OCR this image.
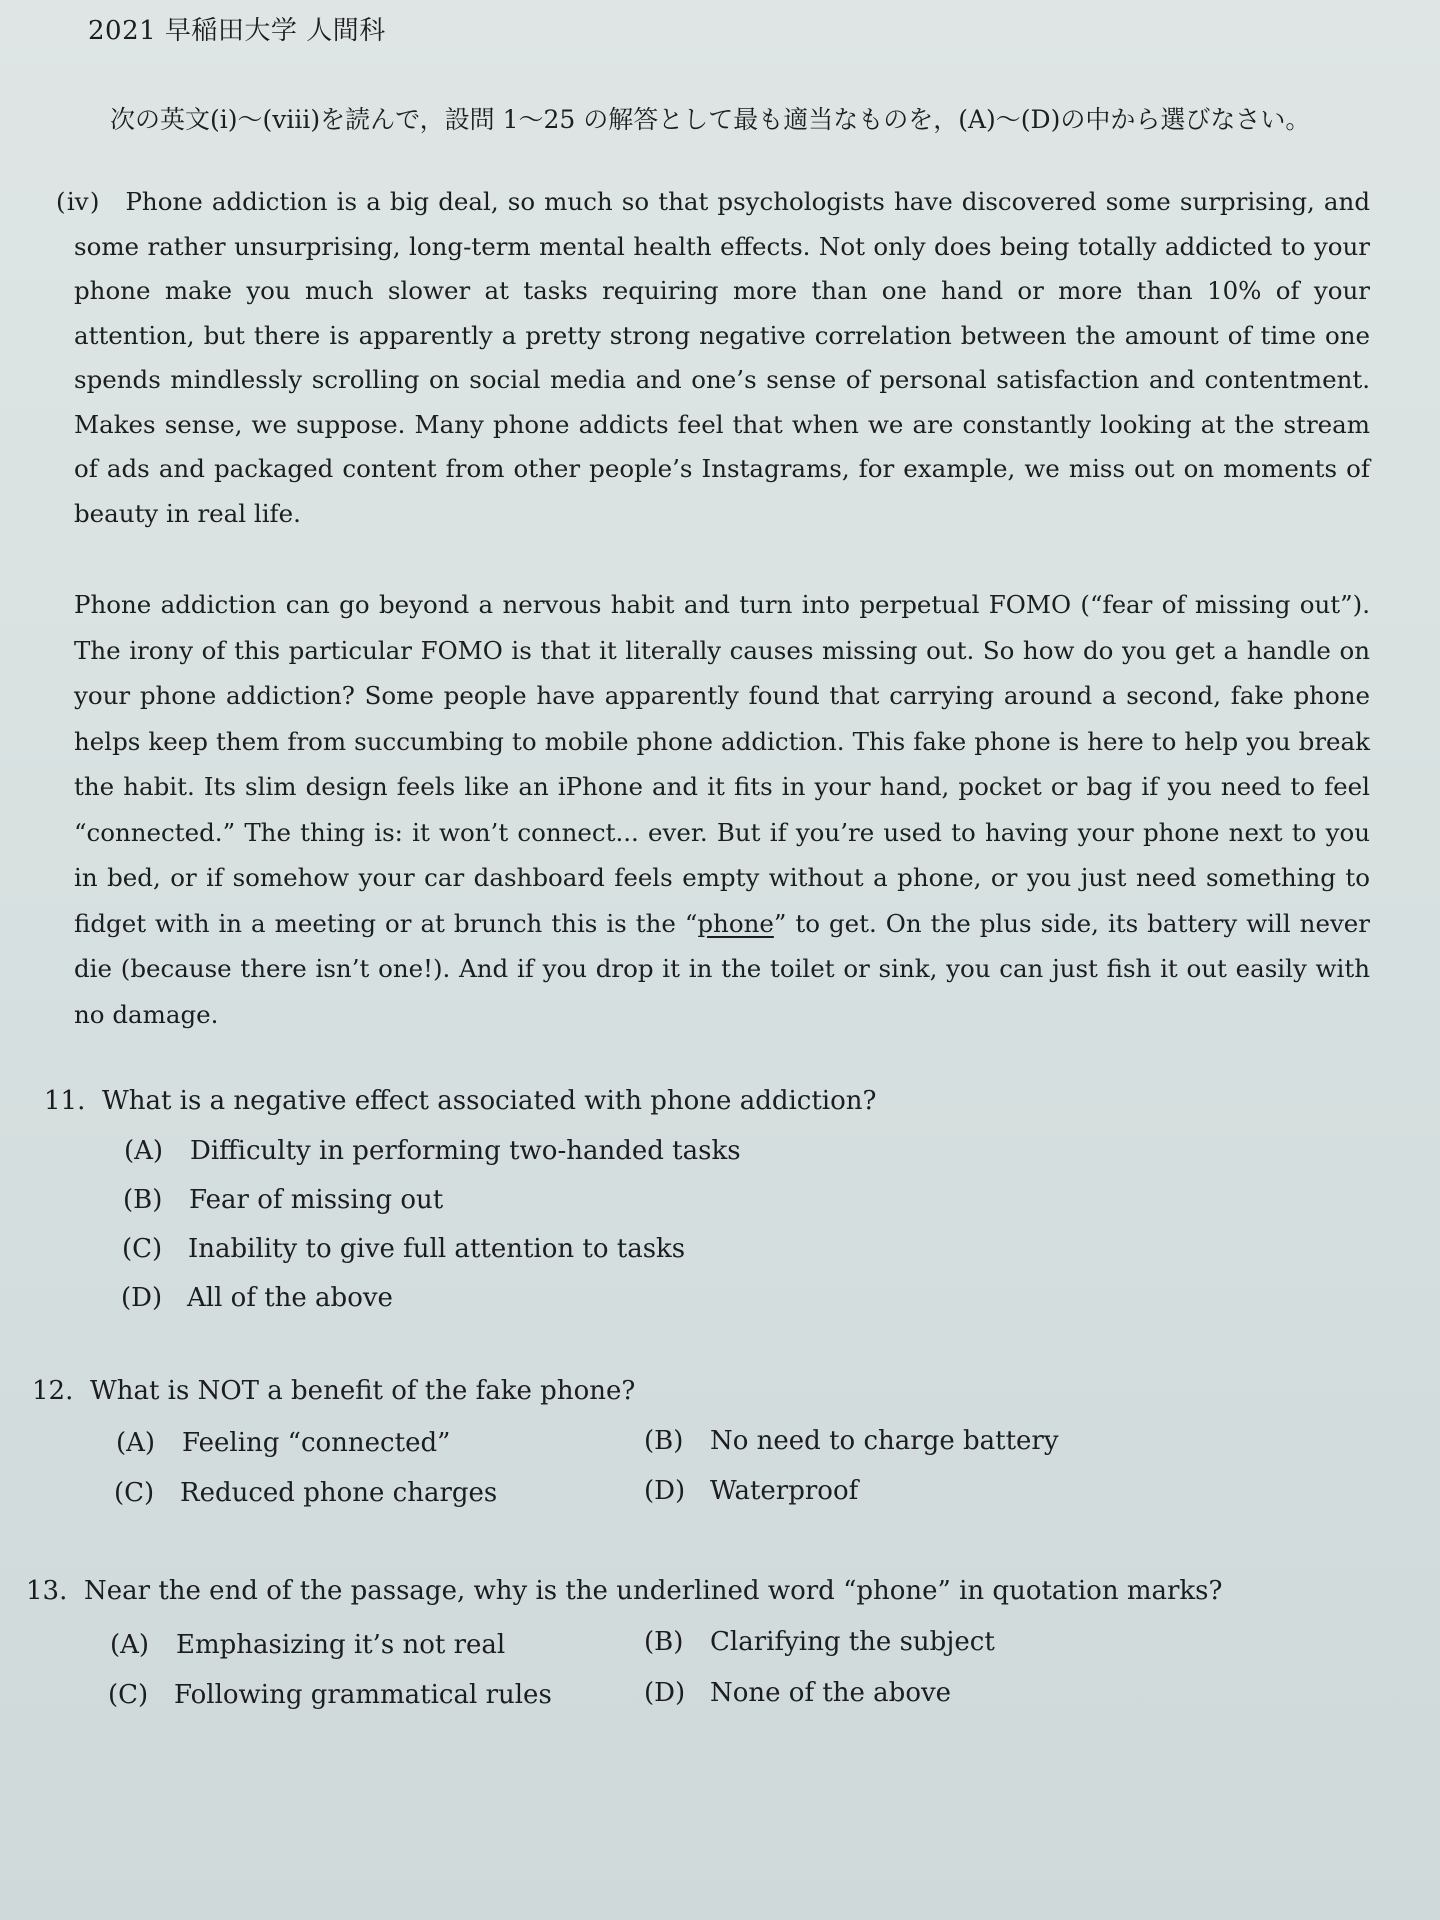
2021 早稲田大学 人間科
次の英文(ⅰ)〜(ⅷ)を読んで，設問 1〜25 の解答として最も適当なものを，(A)〜(D)の中から選びなさい。
(ⅳ) Phone addiction is a big deal, so much so that psychologists have discovered some surprising, and some rather unsurprising, long-term mental health effects. Not only does being totally addicted to your phone make you much slower at tasks requiring more than one hand or more than 10% of your attention, but there is apparently a pretty strong negative correlation between the amount of time one spends mindlessly scrolling on social media and one’s sense of personal satisfaction and contentment. Makes sense, we suppose. Many phone addicts feel that when we are constantly looking at the stream of ads and packaged content from other people’s Instagrams, for example, we miss out on moments of beauty in real life.
Phone addiction can go beyond a nervous habit and turn into perpetual FOMO (“fear of missing out”). The irony of this particular FOMO is that it literally causes missing out. So how do you get a handle on your phone addiction? Some people have apparently found that carrying around a second, fake phone helps keep them from succumbing to mobile phone addiction. This fake phone is here to help you break the habit. Its slim design feels like an iPhone and it fits in your hand, pocket or bag if you need to feel “connected.” The thing is: it won’t connect... ever. But if you’re used to having your phone next to you in bed, or if somehow your car dashboard feels empty without a phone, or you just need something to fidget with in a meeting or at brunch this is the “phone” to get. On the plus side, its battery will never die (because there isn’t one!). And if you drop it in the toilet or sink, you can just fish it out easily with no damage.
11. What is a negative effect associated with phone addiction?
(A) Difficulty in performing two-handed tasks
(B) Fear of missing out
(C) Inability to give full attention to tasks
(D) All of the above
12. What is NOT a benefit of the fake phone?
(A) Feeling “connected”	(B) No need to charge battery
(C) Reduced phone charges	(D) Waterproof
13. Near the end of the passage, why is the underlined word “phone” in quotation marks?
(A) Emphasizing it’s not real	(B) Clarifying the subject
(C) Following grammatical rules	(D) None of the above
